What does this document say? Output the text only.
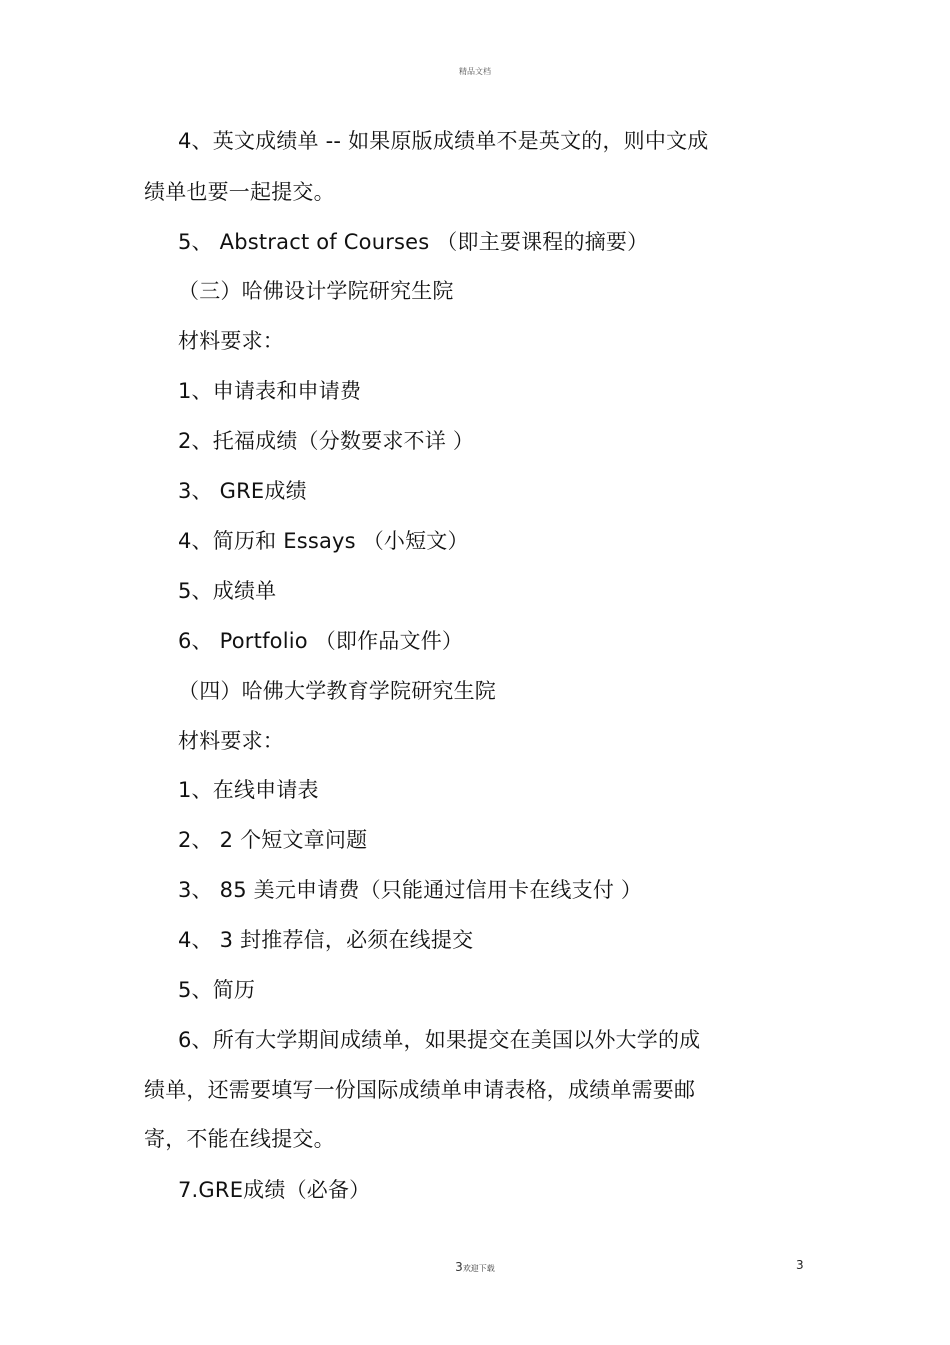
精品文档
4、英文成绩单 -- 如果原版成绩单不是英文的，则中文成
绩单也要一起提交。
5、 Abstract of Courses （即主要课程的摘要）
（三）哈佛设计学院研究生院
材料要求：
1、申请表和申请费
2、托福成绩（分数要求不详 ）
3、 GRE成绩
4、简历和 Essays （小短文）
5、成绩单
6、 Portfolio （即作品文件）
（四）哈佛大学教育学院研究生院
材料要求：
1、在线申请表
2、 2 个短文章问题
3、 85 美元申请费（只能通过信用卡在线支付 ）
4、 3 封推荐信，必须在线提交
5、简历
6、所有大学期间成绩单，如果提交在美国以外大学的成
绩单，还需要填写一份国际成绩单申请表格，成绩单需要邮
寄，不能在线提交。
7.GRE成绩（必备）
3欢迎下载	3
